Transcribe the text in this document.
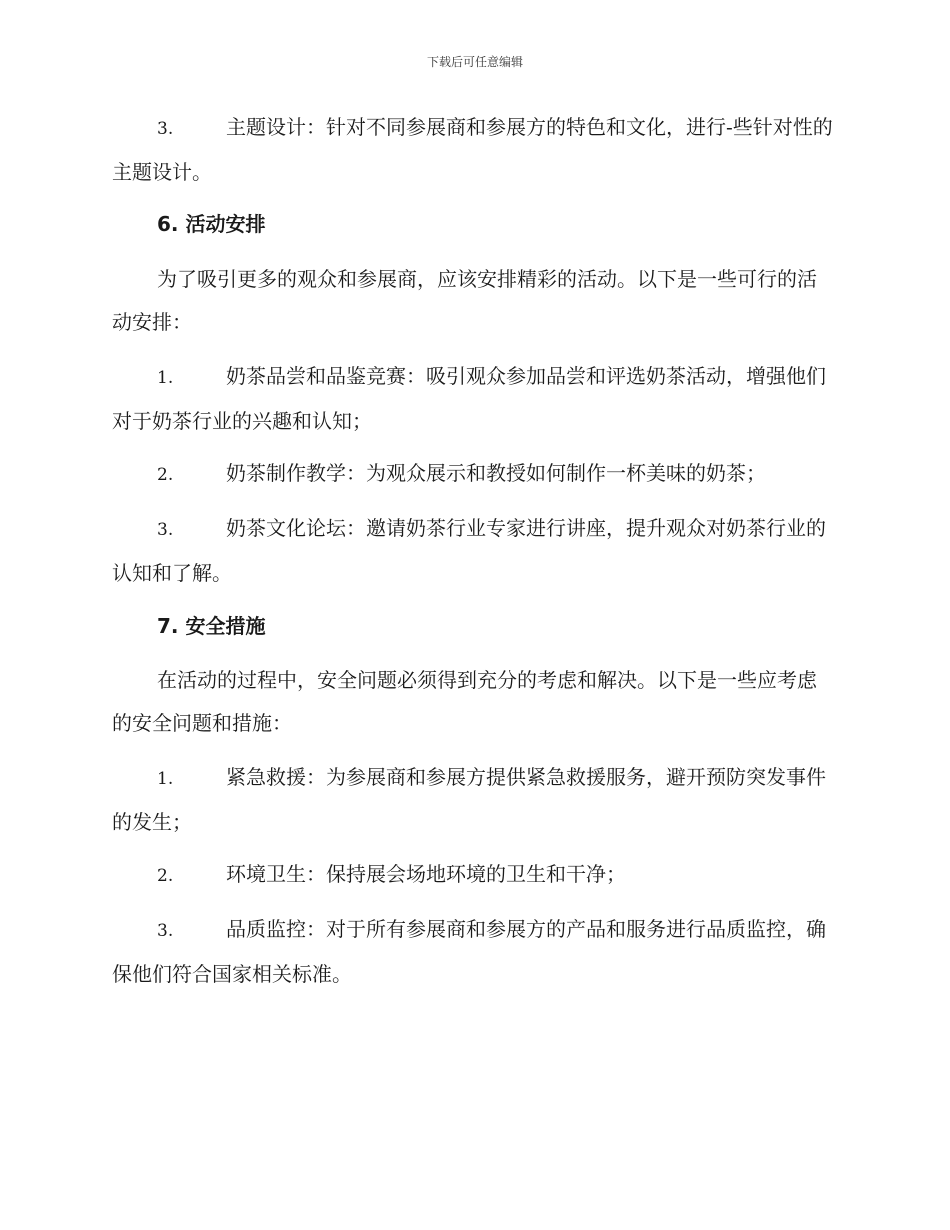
下载后可任意编辑

3.	主题设计：针对不同参展商和参展方的特色和文化，进行-些针对性的主题设计。

6. 活动安排

为了吸引更多的观众和参展商，应该安排精彩的活动。以下是一些可行的活动安排：

1.	奶茶品尝和品鉴竞赛：吸引观众参加品尝和评选奶茶活动，增强他们对于奶茶行业的兴趣和认知；

2.	奶茶制作教学：为观众展示和教授如何制作一杯美味的奶茶；

3.	奶茶文化论坛：邀请奶茶行业专家进行讲座，提升观众对奶茶行业的认知和了解。

7. 安全措施

在活动的过程中，安全问题必须得到充分的考虑和解决。以下是一些应考虑的安全问题和措施：

1.	紧急救援：为参展商和参展方提供紧急救援服务，避开预防突发事件的发生；

2.	环境卫生：保持展会场地环境的卫生和干净；

3.	品质监控：对于所有参展商和参展方的产品和服务进行品质监控，确保他们符合国家相关标准。
